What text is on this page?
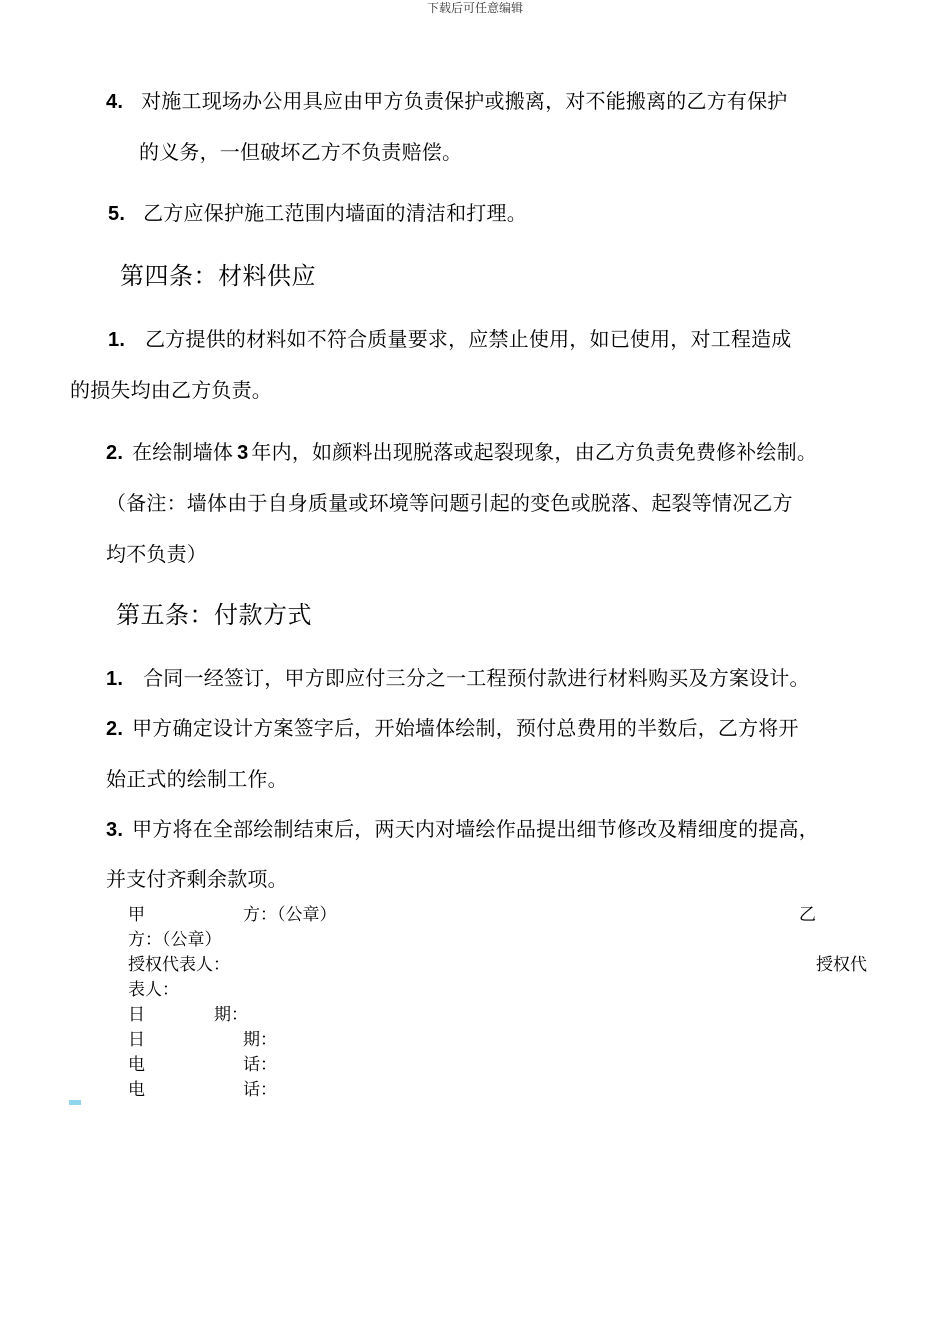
下载后可任意编辑
4. 对施工现场办公用具应由甲方负责保护或搬离，对不能搬离的乙方有保护
的义务，一但破坏乙方不负责赔偿。
5. 乙方应保护施工范围内墙面的清洁和打理。
第四条：材料供应
1. 乙方提供的材料如不符合质量要求，应禁止使用，如已使用，对工程造成
的损失均由乙方负责。
2. 在绘制墙体 3 年内，如颜料出现脱落或起裂现象，由乙方负责免费修补绘制。
（备注：墙体由于自身质量或环境等问题引起的变色或脱落、起裂等情况乙方
均不负责）
第五条：付款方式
1. 合同一经签订，甲方即应付三分之一工程预付款进行材料购买及方案设计。
2. 甲方确定设计方案签字后，开始墙体绘制，预付总费用的半数后，乙方将开
始正式的绘制工作。
3. 甲方将在全部绘制结束后，两天内对墙绘作品提出细节修改及精细度的提高，
并支付齐剩余款项。
甲	方：（公章）	乙
方：（公章）
授权代表人：	授权代
表人：
日	期：
日	期：
电	话：
电	话：
